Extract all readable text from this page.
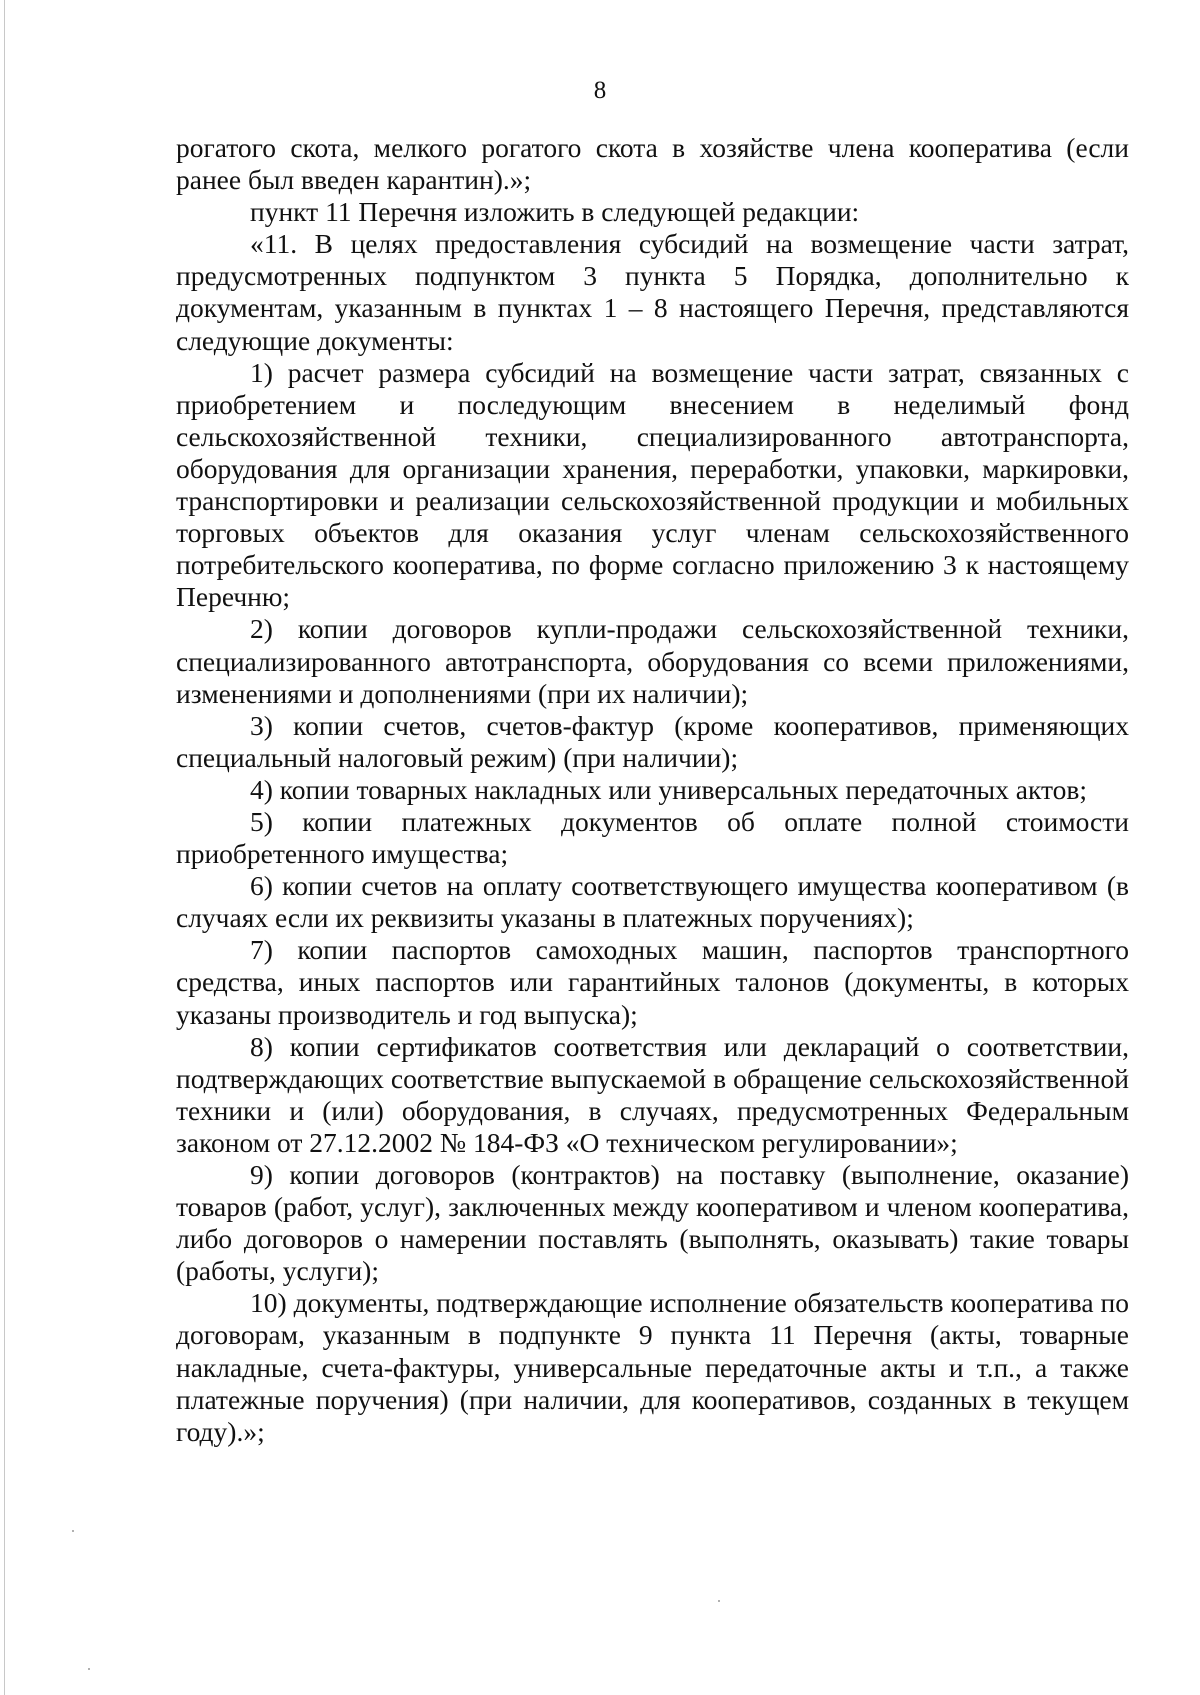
8

рогатого скота, мелкого рогатого скота в хозяйстве члена кооператива (если ранее был введен карантин).»;

пункт 11 Перечня изложить в следующей редакции:

«11. В целях предоставления субсидий на возмещение части затрат, предусмотренных подпунктом 3 пункта 5 Порядка, дополнительно к документам, указанным в пунктах 1 – 8 настоящего Перечня, представляются следующие документы:

1) расчет размера субсидий на возмещение части затрат, связанных с приобретением и последующим внесением в неделимый фонд сельскохозяйственной техники, специализированного автотранспорта, оборудования для организации хранения, переработки, упаковки, маркировки, транспортировки и реализации сельскохозяйственной продукции и мобильных торговых объектов для оказания услуг членам сельскохозяйственного потребительского кооператива, по форме согласно приложению 3 к настоящему Перечню;

2) копии договоров купли-продажи сельскохозяйственной техники, специализированного автотранспорта, оборудования со всеми приложениями, изменениями и дополнениями (при их наличии);

3) копии счетов, счетов-фактур (кроме кооперативов, применяющих специальный налоговый режим) (при наличии);

4) копии товарных накладных или универсальных передаточных актов;

5) копии платежных документов об оплате полной стоимости приобретенного имущества;

6) копии счетов на оплату соответствующего имущества кооперативом (в случаях если их реквизиты указаны в платежных поручениях);

7) копии паспортов самоходных машин, паспортов транспортного средства, иных паспортов или гарантийных талонов (документы, в которых указаны производитель и год выпуска);

8) копии сертификатов соответствия или деклараций о соответствии, подтверждающих соответствие выпускаемой в обращение сельскохозяйственной техники и (или) оборудования, в случаях, предусмотренных Федеральным законом от 27.12.2002 № 184-ФЗ «О техническом регулировании»;

9) копии договоров (контрактов) на поставку (выполнение, оказание) товаров (работ, услуг), заключенных между кооперативом и членом кооператива, либо договоров о намерении поставлять (выполнять, оказывать) такие товары (работы, услуги);

10) документы, подтверждающие исполнение обязательств кооператива по договорам, указанным в подпункте 9 пункта 11 Перечня (акты, товарные накладные, счета-фактуры, универсальные передаточные акты и т.п., а также платежные поручения) (при наличии, для кооперативов, созданных в текущем году).»;
